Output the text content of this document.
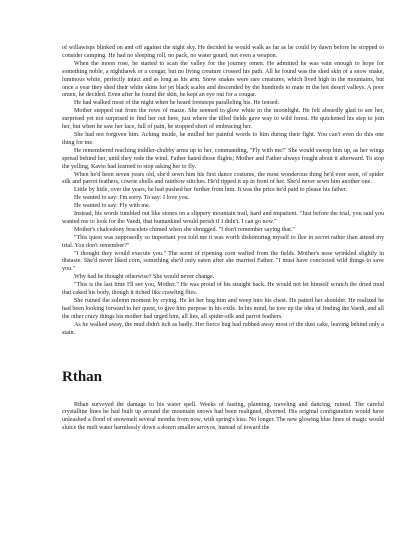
of willawisps blinked on and off against the night sky. He decided he would walk as far as he could by dawn before he stopped to consider camping. He had no sleeping roll, no pack, no water gourd, not even a weapon.

When the moon rose, he started to scan the valley for the journey omen. He admitted he was vain enough to hope for something noble, a nighthawk or a cougar, but no living creature crossed his path. All he found was the shed skin of a snow snake, luminous white, perfectly intact and as long as his arm. Snow snakes were rare creatures, which lived high in the mountains, but once a year they shed their white skins for jet black scales and descended by the hundreds to mate in the hot desert valleys. A poor omen, he decided. Even after he found the skin, he kept an eye out for a cougar.

He had walked most of the night when he heard footsteps paralleling his. He tensed.

Mother stepped out from the rows of maize. She seemed to glow white in the moonlight. He felt absurdly glad to see her, surprised yet not surprised to find her out here, just where the tilled fields gave way to wild forest. He quickened his step to join her, but when he saw her face, full of pain, he stopped short of embracing her.

She had not forgiven him. Aching inside, he mulled her painful words to him during their fight. You can't even do this one thing for me.

He remembered reaching toddler-chubby arms up to her, commanding, "Fly with me!" She would sweep him up, as her wings spread behind her, until they rode the wind. Father hated those flights; Mother and Father always fought about it afterward. To stop the yelling, Kavio had learned to stop asking her to fly.

When he'd been seven years old, she'd sewn him his first dance costume, the most wonderous thing he'd ever seen, of spider silk and parrot feathers, cowrie shells and rainbow stitches. He'd ripped it up in front of her. She'd never sewn him another one.

Little by little, over the years, he had pushed her further from him. It was the price he'd paid to please his father.

He wanted to say: I'm sorry. To say: I love you.

He wanted to say: Fly with me.

Instead, his words tumbled out like stones on a slippery mountain trail, hard and impatient. "Just before the trial, you said you wanted me to look for the Vaedi, that humankind would perish if I didn't. I can go now."

Mother's chalcedony bracelets chimed when she shrugged. "I don't remember saying that."

"This quest was supposedly so important you told me it was worth dishonoring myself to flee in secret rather than attend my trial. You don't remember?"

"I thought they would execute you." The scent of ripening corn wafted from the fields. Mother's nose wrinkled slightly in distaste. She'd never liked corn, something she'd only eaten after she married Father. "I must have concocted wild things to save you."

Why had he thought otherwise? She would never change.

"This is the last time I'll see you, Mother." He was proud of his straight back. He would not let himself scratch the dried mud that caked his body, though it itched like crawling flies.

She ruined the solemn moment by crying. He let her hug him and weep into his chest. He patted her shoulder. He realized he had been looking forward to her quest, to give him purpose in his exile. In his mind, he tore up the idea of finding the Vaedi, and all the other crazy things his mother had urged him, all lies, all spider-silk and parrot feathers.

As he walked away, the mud didn't itch as badly. Her fierce hug had rubbed away most of the dust cake, leaving behind only a stain.

Rthan

Rthan surveyed the damage to his water spell. Weeks of fasting, planning, traveling and dancing, ruined. The careful crystalline lines he had built up around the mountain snows had been realigned, diverted. His original configuration would have unleashed a flood of snowmelt several months from now, with spring's kiss. No longer. The new glowing blue lines of magic would sluice the melt water harmlessly down a dozen smaller arroyos, instead of toward the
